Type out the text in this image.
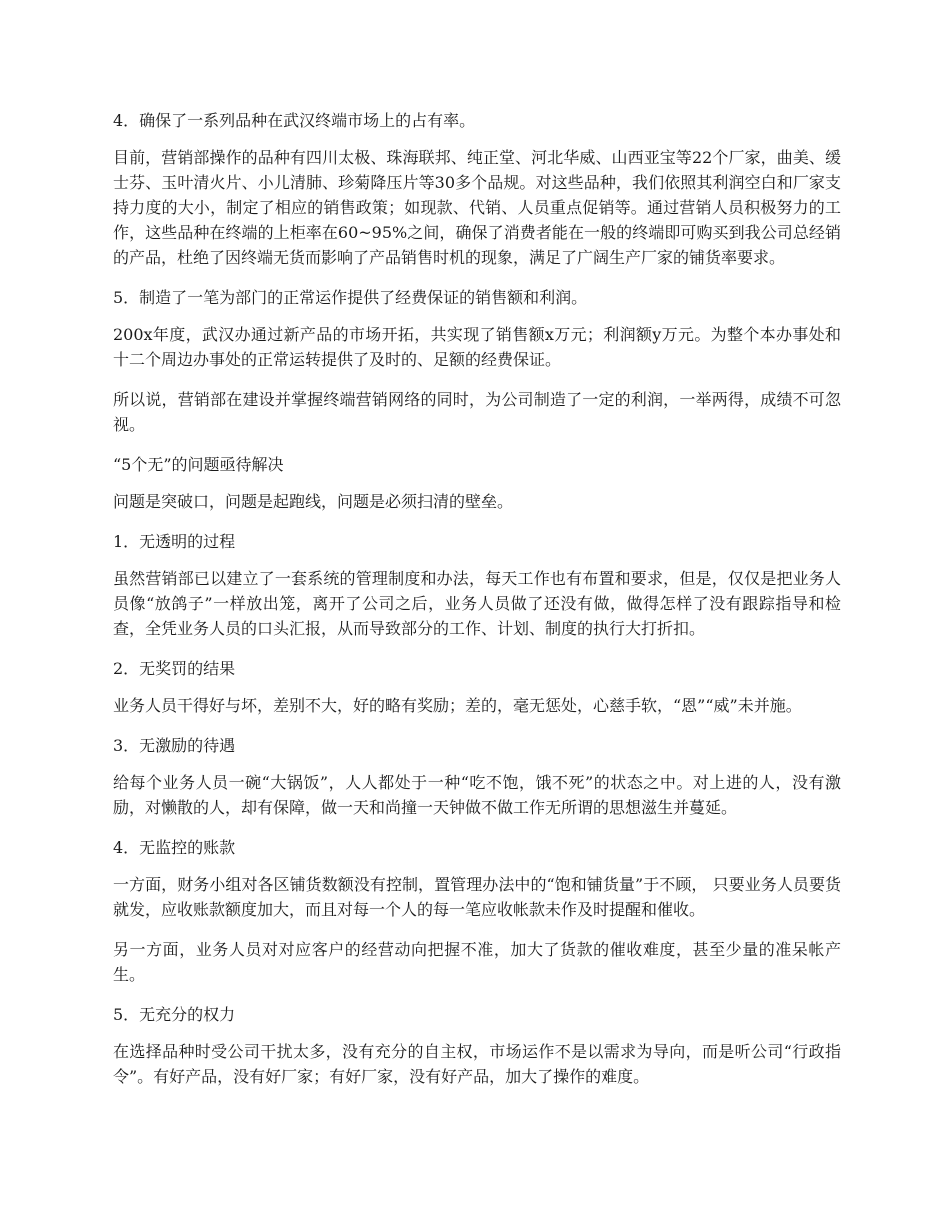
4．确保了一系列品种在武汉终端市场上的占有率。

目前，营销部操作的品种有四川太极、珠海联邦、纯正堂、河北华威、山西亚宝等22个厂家，曲美、缓士芬、玉叶清火片、小儿清肺、珍菊降压片等30多个品规。对这些品种，我们依照其利润空白和厂家支持力度的大小，制定了相应的销售政策；如现款、代销、人员重点促销等。通过营销人员积极努力的工作，这些品种在终端的上柜率在60~95%之间，确保了消费者能在一般的终端即可购买到我公司总经销的产品，杜绝了因终端无货而影响了产品销售时机的现象，满足了广阔生产厂家的铺货率要求。

5．制造了一笔为部门的正常运作提供了经费保证的销售额和利润。

200x年度，武汉办通过新产品的市场开拓，共实现了销售额x万元；利润额y万元。为整个本办事处和十二个周边办事处的正常运转提供了及时的、足额的经费保证。

所以说，营销部在建设并掌握终端营销网络的同时，为公司制造了一定的利润，一举两得，成绩不可忽视。

“5个无”的问题亟待解决

问题是突破口，问题是起跑线，问题是必须扫清的壁垒。

1．无透明的过程

虽然营销部已以建立了一套系统的管理制度和办法，每天工作也有布置和要求，但是，仅仅是把业务人员像“放鸽子”一样放出笼，离开了公司之后，业务人员做了还没有做，做得怎样了没有跟踪指导和检查，全凭业务人员的口头汇报，从而导致部分的工作、计划、制度的执行大打折扣。

2．无奖罚的结果

业务人员干得好与坏，差别不大，好的略有奖励；差的，毫无惩处，心慈手软，“恩”“威”未并施。

3．无激励的待遇

给每个业务人员一碗“大锅饭”，人人都处于一种“吃不饱，饿不死”的状态之中。对上进的人，没有激励，对懒散的人，却有保障，做一天和尚撞一天钟做不做工作无所谓的思想滋生并蔓延。

4．无监控的账款

一方面，财务小组对各区铺货数额没有控制，置管理办法中的“饱和铺货量”于不顾， 只要业务人员要货就发，应收账款额度加大，而且对每一个人的每一笔应收帐款未作及时提醒和催收。

另一方面，业务人员对对应客户的经营动向把握不准，加大了货款的催收难度，甚至少量的准呆帐产生。

5．无充分的权力

在选择品种时受公司干扰太多，没有充分的自主权，市场运作不是以需求为导向，而是听公司“行政指令”。有好产品，没有好厂家；有好厂家，没有好产品，加大了操作的难度。
